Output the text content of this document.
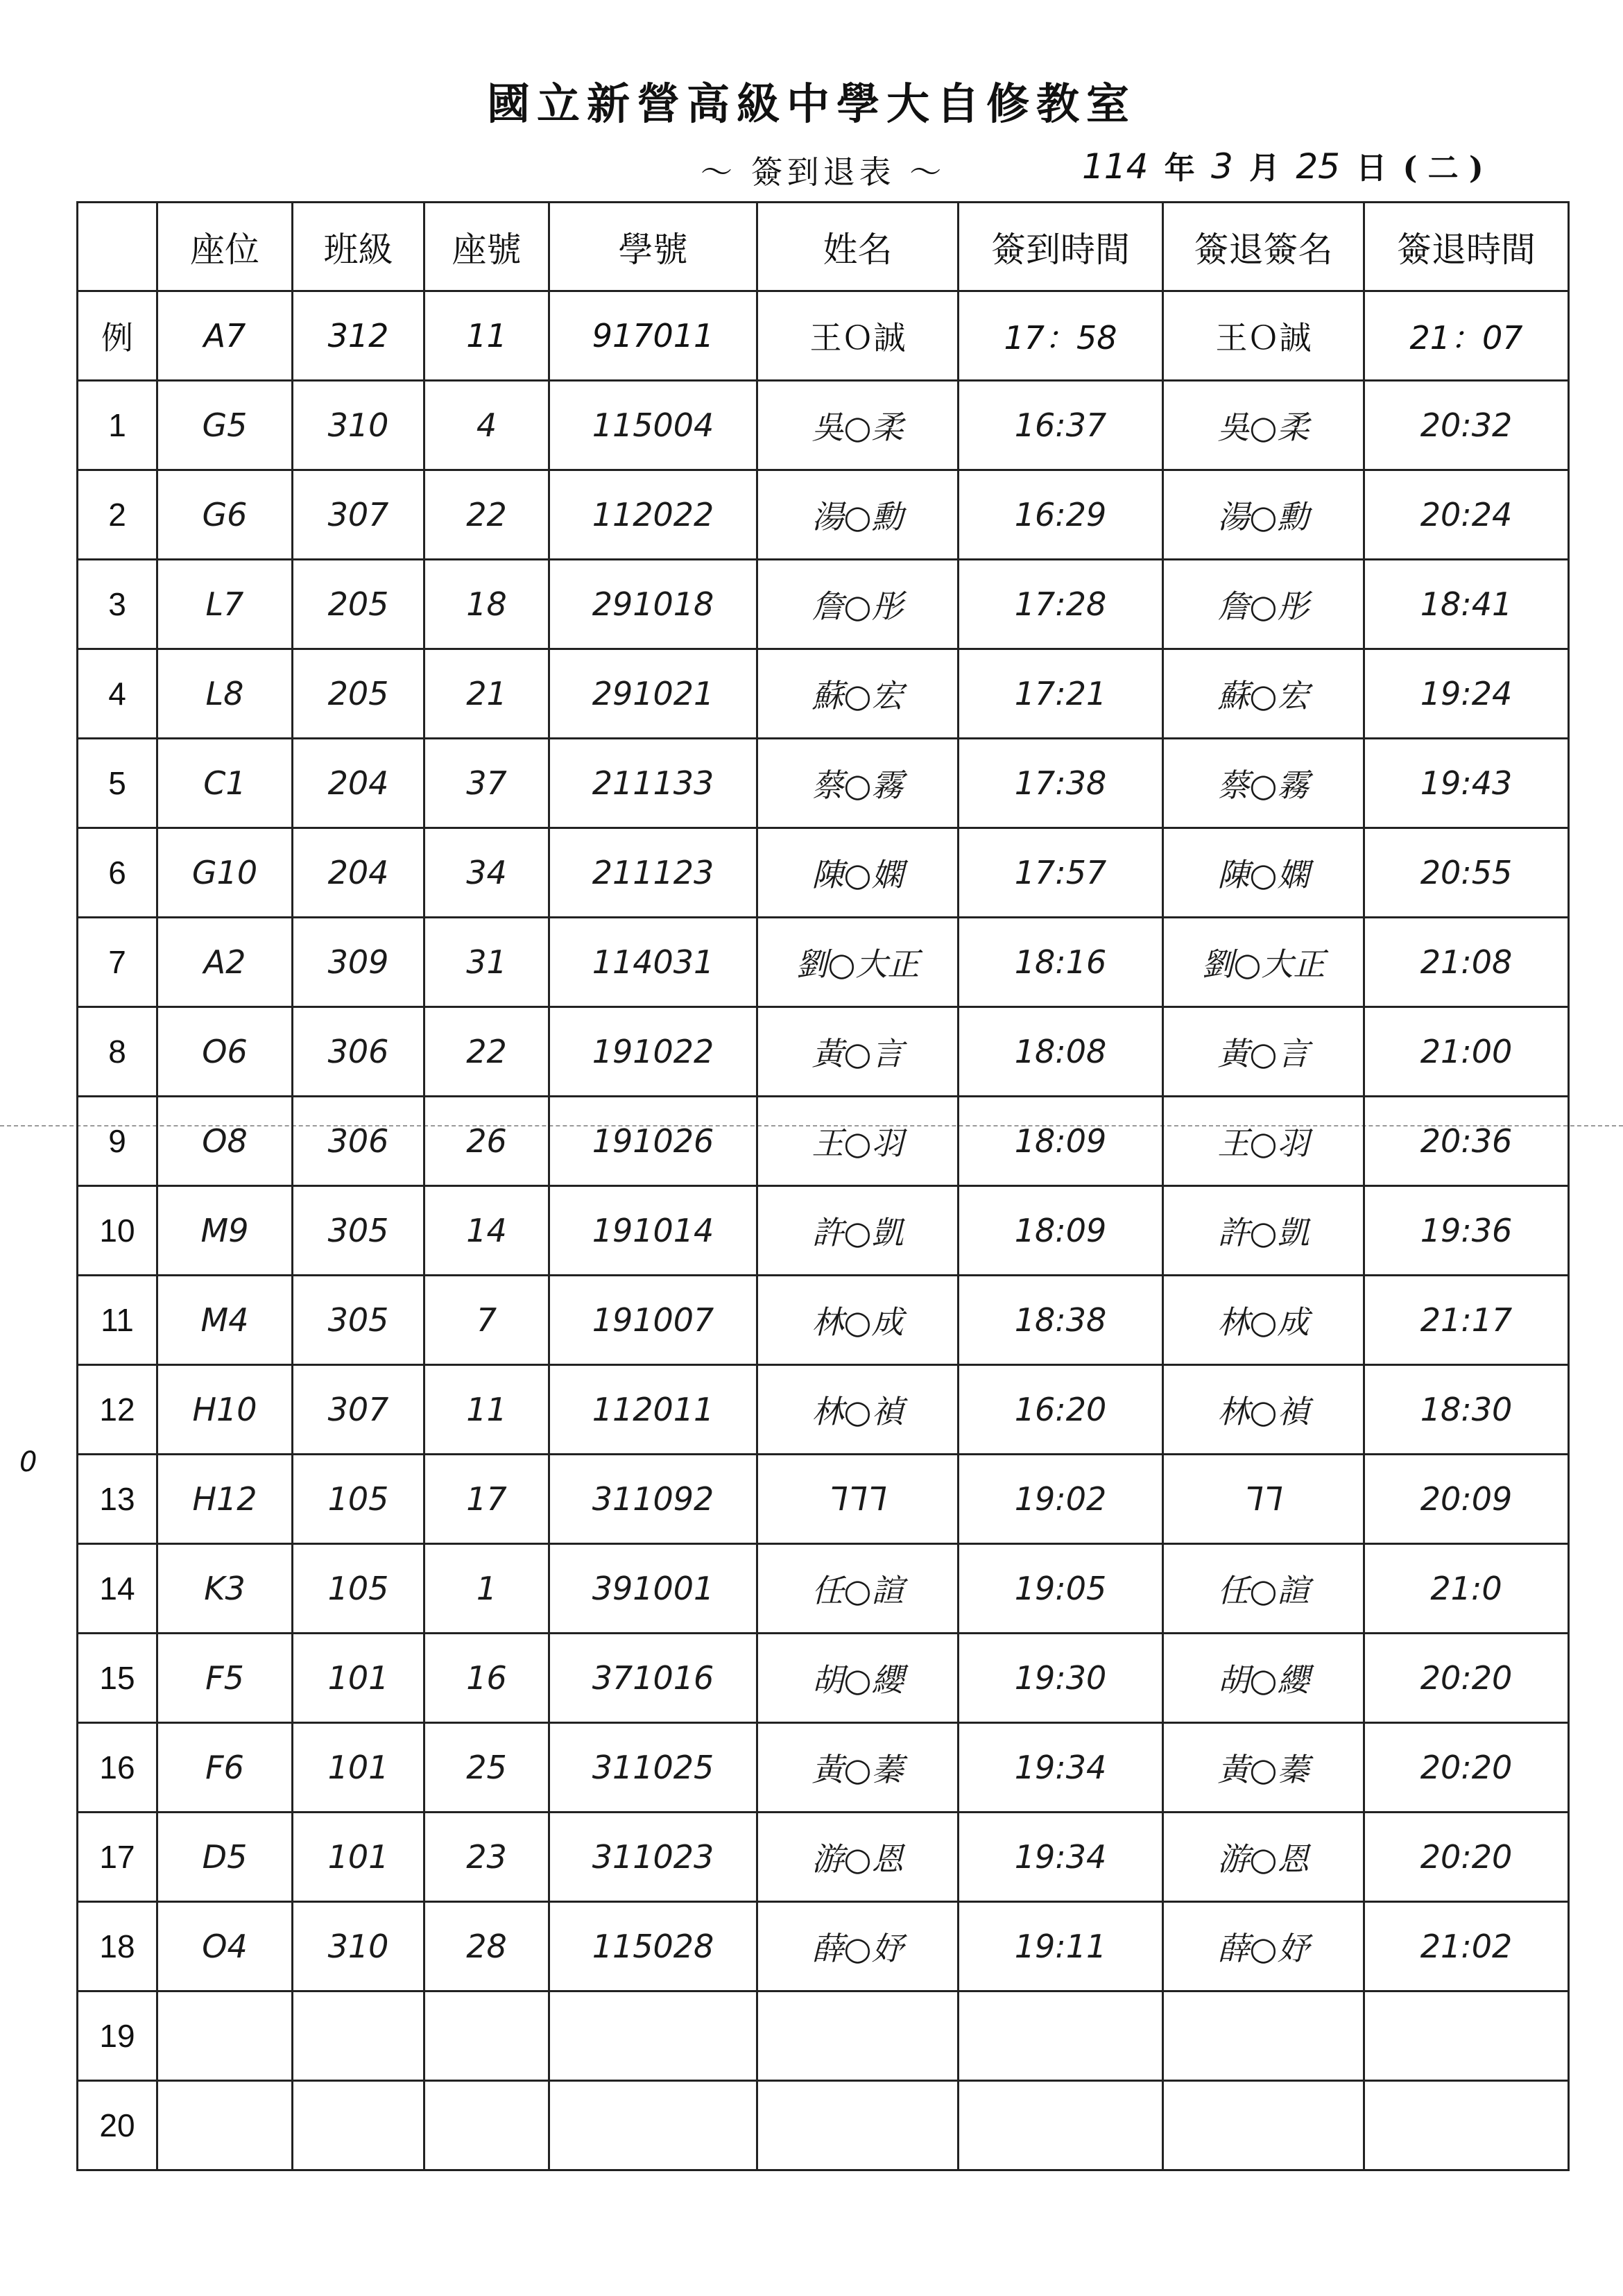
國立新營高級中學大自修教室
～ 簽到退表 ～	114 年 3 月 25 日 ( 二 )
0
	座位	班級	座號	學號	姓名	簽到時間	簽退簽名	簽退時間
例	A7	312	11	917011	王Ｏ誠	17：58	王Ｏ誠	21：07
1	G5	310	4	115004	吳○柔	16:37	吳○柔	20:32
2	G6	307	22	112022	湯○勳	16:29	湯○勳	20:24
3	L7	205	18	291018	詹○彤	17:28	詹○彤	18:41
4	L8	205	21	291021	蘇○宏	17:21	蘇○宏	19:24
5	C1	204	37	211133	蔡○霧	17:38	蔡○霧	19:43
6	G10	204	34	211123	陳○嫻	17:57	陳○嫻	20:55
7	A2	309	31	114031	劉○大正	18:16	劉○大正	21:08
8	O6	306	22	191022	黃○言	18:08	黃○言	21:00
9	O8	306	26	191026	王○羽	18:09	王○羽	20:36
10	M9	305	14	191014	許○凱	18:09	許○凱	19:36
11	M4	305	7	191007	林○成	18:38	林○成	21:17
12	H10	307	11	112011	林○禎	16:20	林○禎	18:30
13	H12	105	17	311092	ᒣᒣᒣ	19:02	ᒣᒣ	20:09
14	K3	105	1	391001	任○諠	19:05	任○諠	21:0
15	F5	101	16	371016	胡○纓	19:30	胡○纓	20:20
16	F6	101	25	311025	黃○蓁	19:34	黃○蓁	20:20
17	D5	101	23	311023	游○恩	19:34	游○恩	20:20
18	O4	310	28	115028	薛○妤	19:11	薛○妤	21:02
19								
20								
